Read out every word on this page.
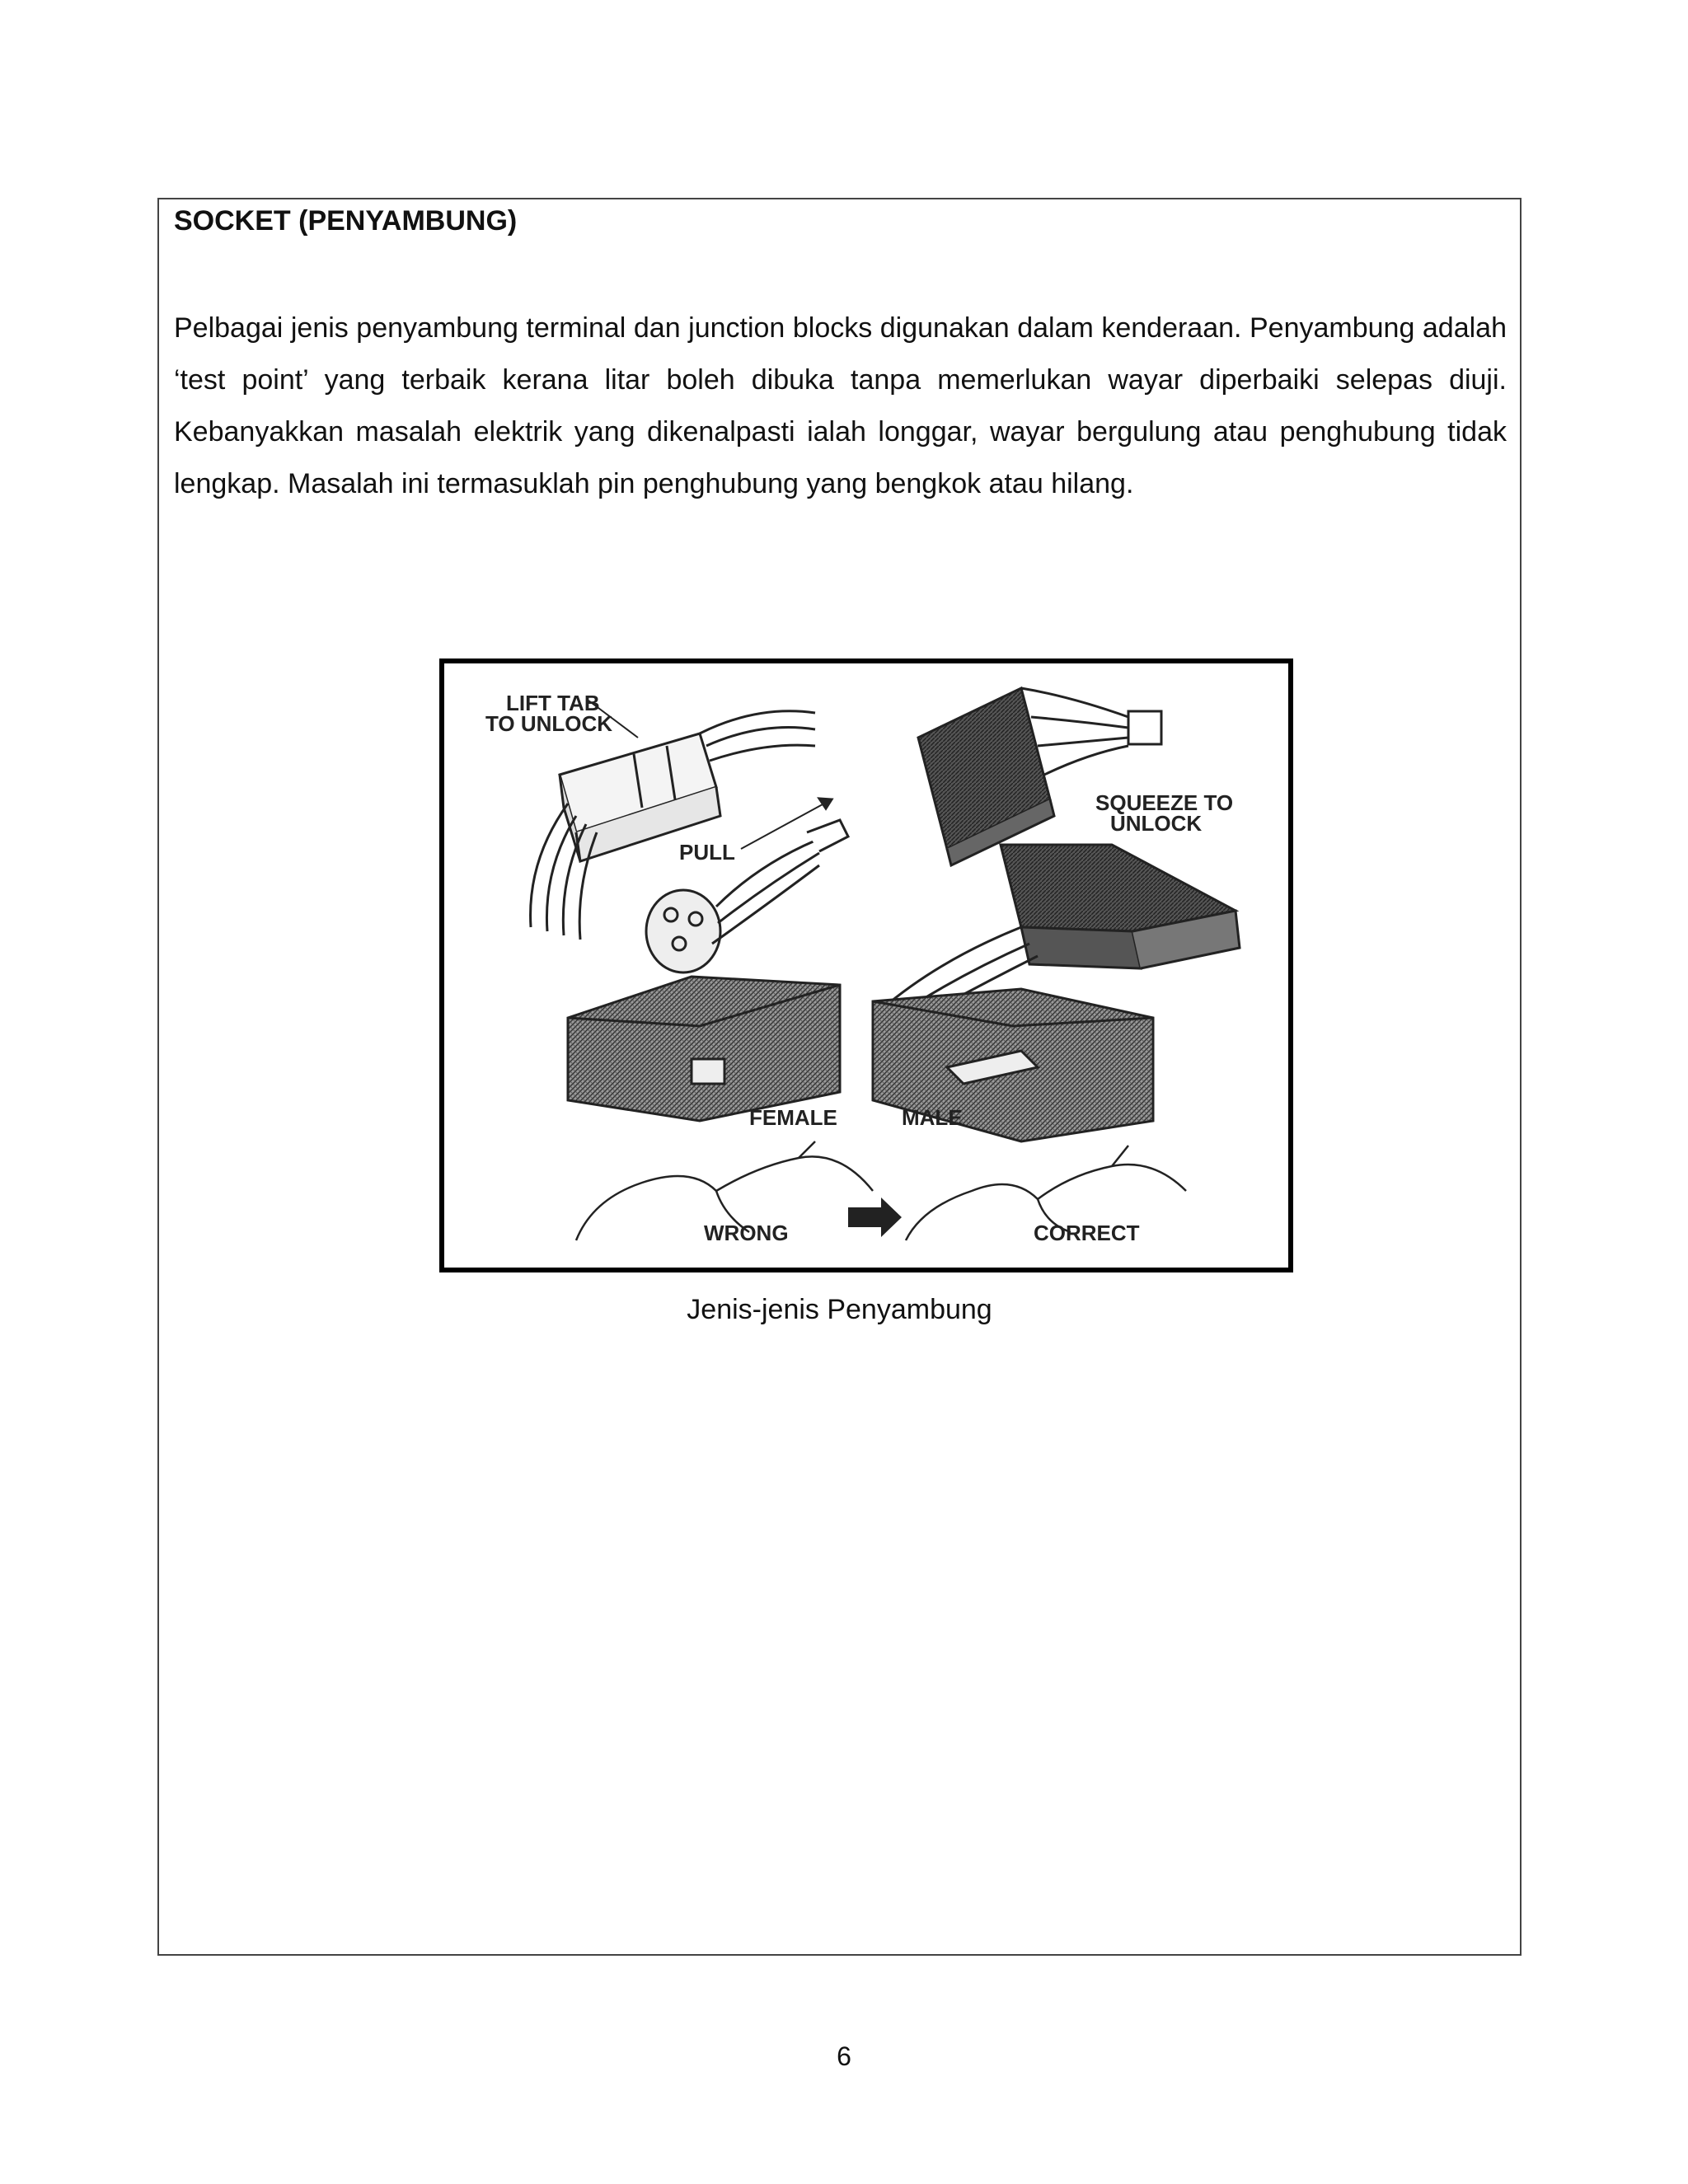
SOCKET (PENYAMBUNG)

Pelbagai jenis penyambung terminal dan junction blocks digunakan dalam kenderaan. Penyambung adalah ‘test point’ yang terbaik kerana litar boleh dibuka tanpa memerlukan wayar diperbaiki selepas diuji. Kebanyakkan masalah elektrik yang dikenalpasti ialah longgar, wayar bergulung atau penghubung tidak lengkap. Masalah ini termasuklah pin penghubung yang bengkok atau hilang.

LIFT TAB
TO UNLOCK
PULL
SQUEEZE TO
UNLOCK
FEMALE	MALE
WRONG	CORRECT

Jenis-jenis Penyambung

6
